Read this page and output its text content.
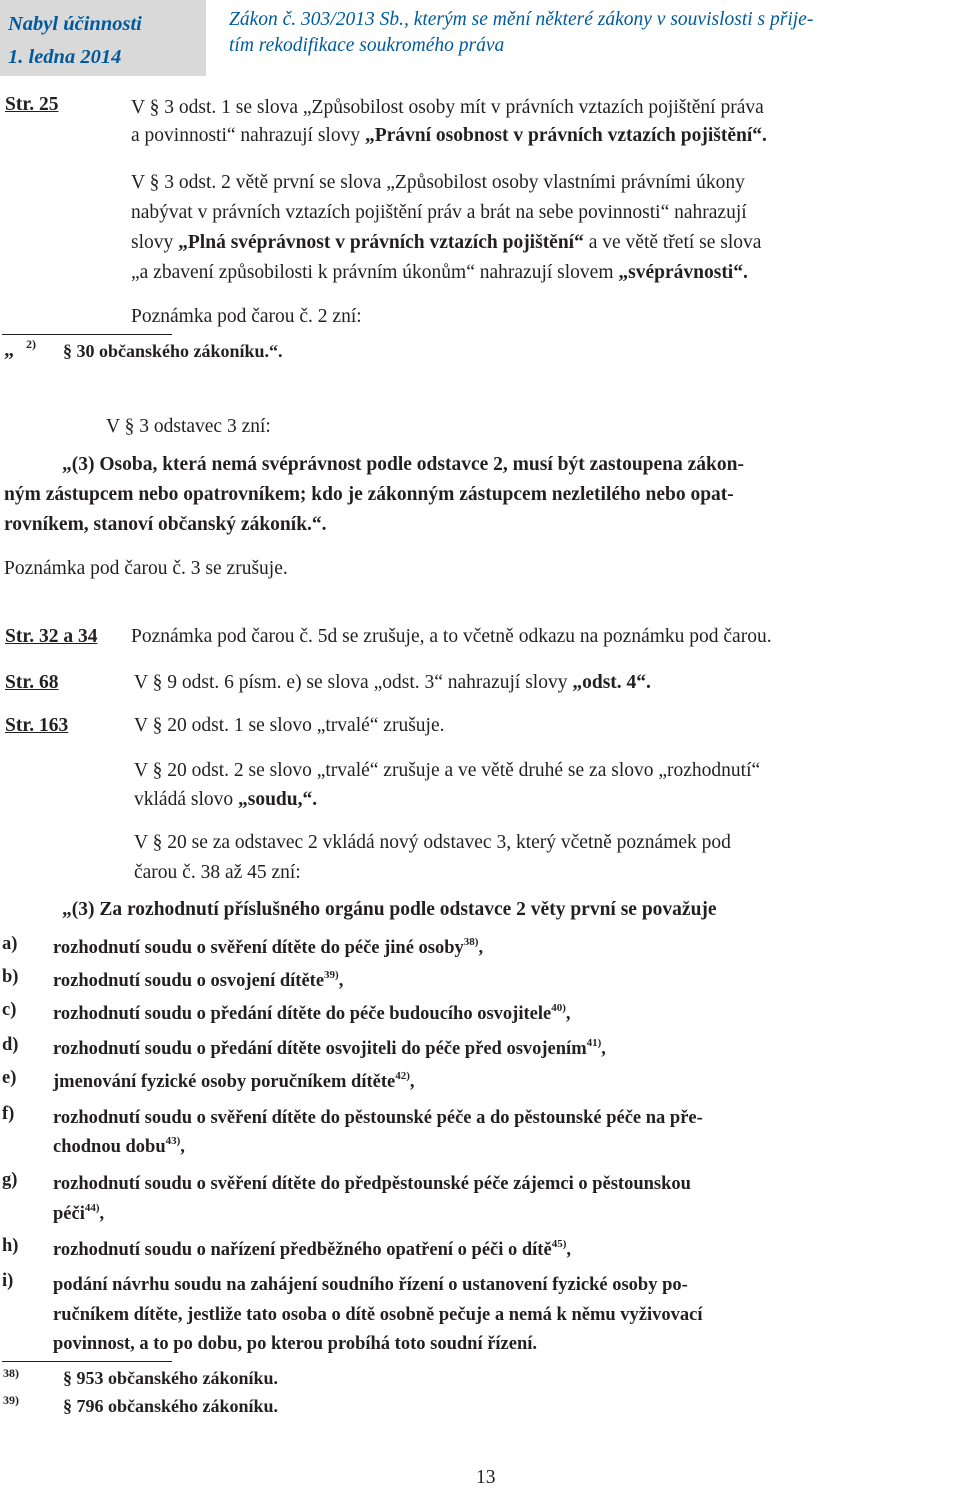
Nabyl účinnosti
1. ledna 2014
Zákon č. 303/2013 Sb., kterým se mění některé zákony v souvislosti s přije-
tím rekodifikace soukromého práva
Str. 25	V § 3 odst. 1 se slova „Způsobilost osoby mít v právních vztazích pojištění práva
a povinnosti“ nahrazují slovy „Právní osobnost v právních vztazích pojištění“.
V § 3 odst. 2 větě první se slova „Způsobilost osoby vlastními právními úkony
nabývat v právních vztazích pojištění práv a brát na sebe povinnosti“ nahrazují
slovy „Plná svéprávnost v právních vztazích pojištění“ a ve větě třetí se slova
„a zbavení způsobilosti k právním úkonům“ nahrazují slovem „svéprávnosti“.
Poznámka pod čarou č. 2 zní:
„ 2) § 30 občanského zákoníku.“.
V § 3 odstavec 3 zní:
„(3) Osoba, která nemá svéprávnost podle odstavce 2, musí být zastoupena zákon-
ným zástupcem nebo opatrovníkem; kdo je zákonným zástupcem nezletilého nebo opat-
rovníkem, stanoví občanský zákoník.“.
Poznámka pod čarou č. 3 se zrušuje.
Str. 32 a 34 Poznámka pod čarou č. 5d se zrušuje, a to včetně odkazu na poznámku pod čarou.
Str. 68	V § 9 odst. 6 písm. e) se slova „odst. 3“ nahrazují slovy „odst. 4“.
Str. 163	V § 20 odst. 1 se slovo „trvalé“ zrušuje.
V § 20 odst. 2 se slovo „trvalé“ zrušuje a ve větě druhé se za slovo „rozhodnutí“
vkládá slovo „soudu,“.
V § 20 se za odstavec 2 vkládá nový odstavec 3, který včetně poznámek pod
čarou č. 38 až 45 zní:
„(3) Za rozhodnutí příslušného orgánu podle odstavce 2 věty první se považuje
a) rozhodnutí soudu o svěření dítěte do péče jiné osoby$^{38)}$,
b) rozhodnutí soudu o osvojení dítěte$^{39)}$,
c) rozhodnutí soudu o předání dítěte do péče budoucího osvojitele$^{40)}$,
d) rozhodnutí soudu o předání dítěte osvojiteli do péče před osvojením$^{41)}$,
e) jmenování fyzické osoby poručníkem dítěte$^{42)}$,
f) rozhodnutí soudu o svěření dítěte do pěstounské péče a do pěstounské péče na pře-
chodnou dobu$^{43)}$,
g) rozhodnutí soudu o svěření dítěte do předpěstounské péče zájemci o pěstounskou
péči$^{44)}$,
h) rozhodnutí soudu o nařízení předběžného opatření o péči o dítě$^{45)}$,
i) podání návrhu soudu na zahájení soudního řízení o ustanovení fyzické osoby po-
ručníkem dítěte, jestliže tato osoba o dítě osobně pečuje a nemá k němu vyživovací
povinnost, a to po dobu, po kterou probíhá toto soudní řízení.
38) § 953 občanského zákoníku.
39) § 796 občanského zákoníku.
13
